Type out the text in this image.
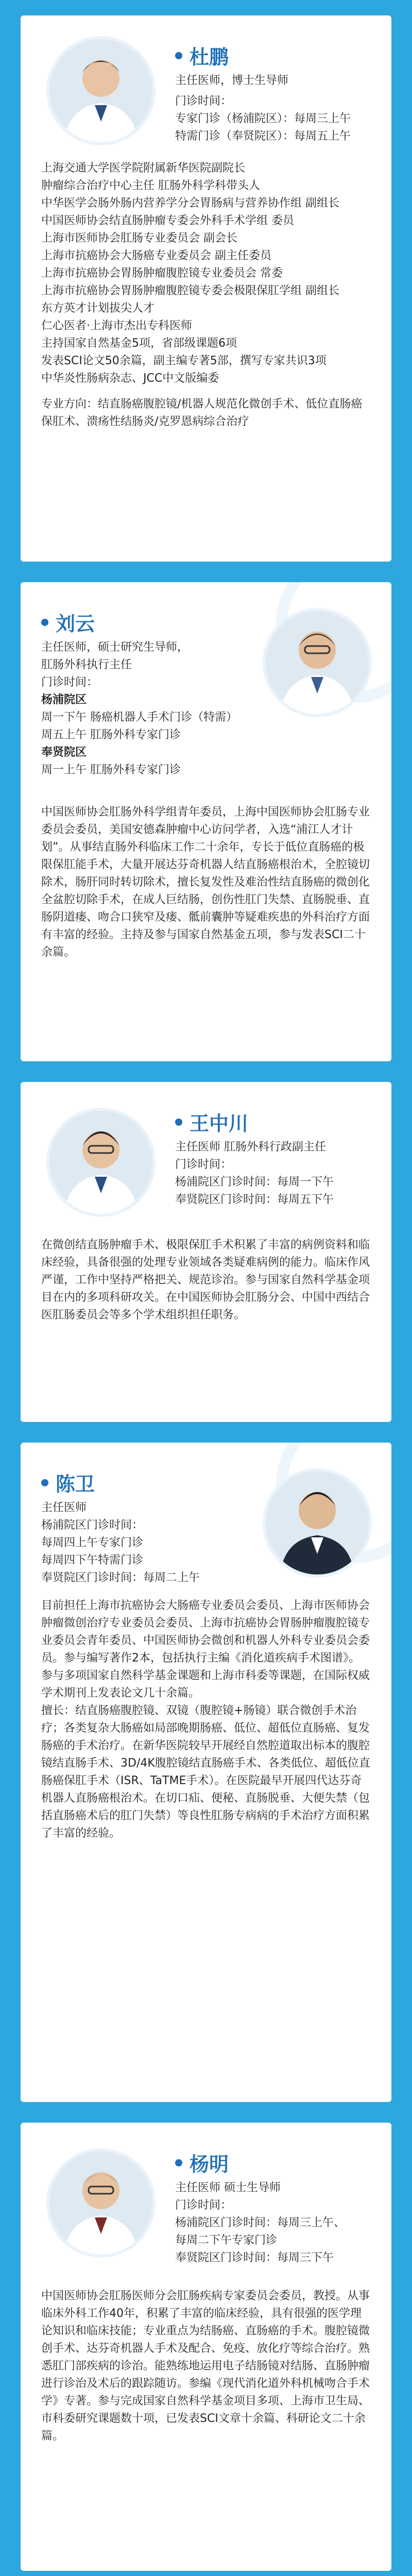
杜鹏

主任医师，博士生导师

门诊时间：

专家门诊（杨浦院区）：每周三上午

特需门诊（奉贤院区）：每周五上午

上海交通大学医学院附属新华医院副院长

肿瘤综合治疗中心主任 肛肠外科学科带头人

中华医学会肠外肠内营养学分会胃肠病与营养协作组 副组长

中国医师协会结直肠肿瘤专委会外科手术学组 委员

上海市医师协会肛肠专业委员会 副会长

上海市抗癌协会大肠癌专业委员会 副主任委员

上海市抗癌协会胃肠肿瘤腹腔镜专业委员会 常委

上海市抗癌协会胃肠肿瘤腹腔镜专委会极限保肛学组 副组长

东方英才计划拔尖人才

仁心医者·上海市杰出专科医师

主持国家自然基金5项，省部级课题6项

发表SCI论文50余篇，副主编专著5部，撰写专家共识3项

中华炎性肠病杂志、JCC中文版编委

专业方向：结直肠癌腹腔镜/机器人规范化微创手术、低位直肠癌保肛术、溃疡性结肠炎/克罗恩病综合治疗

刘云

主任医师，硕士研究生导师，

肛肠外科执行主任

门诊时间：

杨浦院区

周一下午 肠癌机器人手术门诊（特需）

周五上午 肛肠外科专家门诊

奉贤院区

周一上午 肛肠外科专家门诊

中国医师协会肛肠外科学组青年委员，上海中国医师协会肛肠专业委员会委员，美国安德森肿瘤中心访问学者，入选“浦江人才计划”。从事结直肠外科临床工作二十余年，专长于低位直肠癌的极限保肛能手术，大量开展达芬奇机器人结直肠癌根治术，全腔镜切除术，肠肝同时转切除术，擅长复发性及难治性结直肠癌的微创化全盆腔切除手术，在成人巨结肠，创伤性肛门失禁、直肠脱垂、直肠阴道瘘、吻合口狭窄及瘘、骶前囊肿等疑难疾患的外科治疗方面有丰富的经验。主持及参与国家自然基金五项，参与发表SCI二十余篇。

王中川

主任医师 肛肠外科行政副主任

门诊时间：

杨浦院区门诊时间：每周一下午

奉贤院区门诊时间：每周五下午

在微创结直肠肿瘤手术、极限保肛手术积累了丰富的病例资料和临床经验，具备很强的处理专业领域各类疑难病例的能力。临床作风严谨，工作中坚持严格把关、规范诊治。参与国家自然科学基金项目在内的多项科研攻关。在中国医师协会肛肠分会、中国中西结合医肛肠委员会等多个学术组织担任职务。

陈卫

主任医师

杨浦院区门诊时间：

每周四上午专家门诊

每周四下午特需门诊

奉贤院区门诊时间：每周二上午

目前担任上海市抗癌协会大肠癌专业委员会委员、上海市医师协会肿瘤微创治疗专业委员会委员、上海市抗癌协会胃肠肿瘤腹腔镜专业委员会青年委员、中国医师协会微创和机器人外科专业委员会委员。参与编写著作2本，包括执行主编《消化道疾病手术图谱》。参与多项国家自然科学基金课题和上海市科委等课题，在国际权威学术期刊上发表论文几十余篇。

擅长：结直肠癌腹腔镜、双镜（腹腔镜+肠镜）联合微创手术治疗；各类复杂大肠癌如局部晚期肠癌、低位、超低位直肠癌、复发肠癌的手术治疗。在新华医院较早开展经自然腔道取出标本的腹腔镜结直肠手术、3D/4K腹腔镜结直肠癌手术、各类低位、超低位直肠癌保肛手术（ISR、TaTME手术）。在医院最早开展四代达芬奇机器人直肠癌根治术。在切口疝、便秘、直肠脱垂、大便失禁（包括直肠癌术后的肛门失禁）等良性肛肠专病病的手术治疗方面积累了丰富的经验。

杨明

主任医师 硕士生导师

门诊时间：

杨浦院区门诊时间：每周三上午、

每周二下午专家门诊

奉贤院区门诊时间：每周三下午

中国医师协会肛肠医师分会肛肠疾病专家委员会委员，教授。从事临床外科工作40年，积累了丰富的临床经验，具有很强的医学理论知识和临床技能；专业重点为结肠癌、直肠癌的手术。腹腔镜微创手术、达芬奇机器人手术及配合、免疫、放化疗等综合治疗。熟悉肛门部疾病的诊治。能熟练地运用电子结肠镜对结肠、直肠肿瘤进行诊治及术后的跟踪随访。参编《现代消化道外科机械吻合手术学》专著。参与完成国家自然科学基金项目多项、上海市卫生局、市科委研究课题数十项，已发表SCI文章十余篇、科研论文二十余篇。
